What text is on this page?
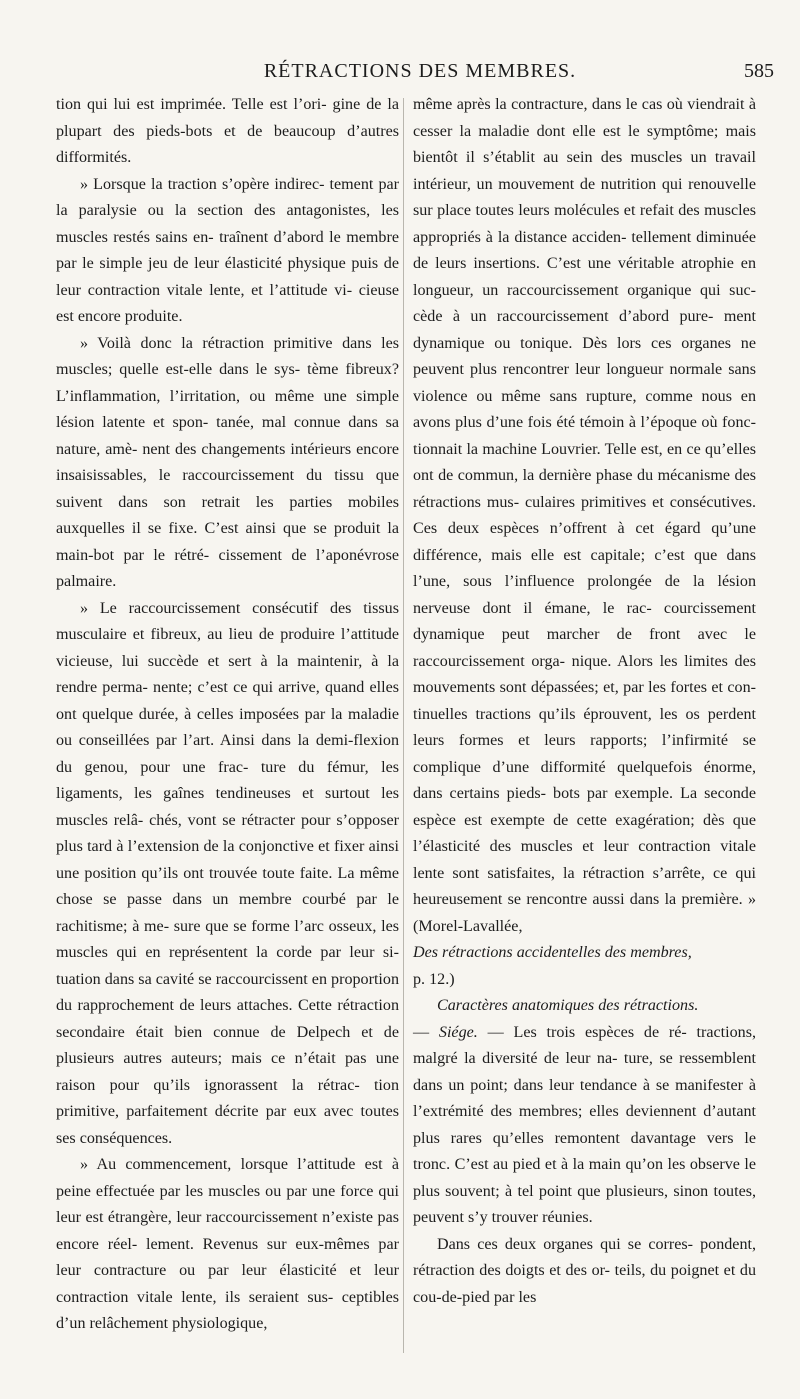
RÉTRACTIONS DES MEMBRES.	585

tion qui lui est imprimée. Telle est l’ori- gine de la plupart des pieds-bots et de beaucoup d’autres difformités.

» Lorsque la traction s’opère indirec- tement par la paralysie ou la section des antagonistes, les muscles restés sains en- traînent d’abord le membre par le simple jeu de leur élasticité physique puis de leur contraction vitale lente, et l’attitude vi- cieuse est encore produite.

» Voilà donc la rétraction primitive dans les muscles; quelle est-elle dans le sys- tème fibreux? L’inflammation, l’irritation, ou même une simple lésion latente et spon- tanée, mal connue dans sa nature, amè- nent des changements intérieurs encore insaisissables, le raccourcissement du tissu que suivent dans son retrait les parties mobiles auxquelles il se fixe. C’est ainsi que se produit la main-bot par le rétré- cissement de l’aponévrose palmaire.

» Le raccourcissement consécutif des tissus musculaire et fibreux, au lieu de produire l’attitude vicieuse, lui succède et sert à la maintenir, à la rendre perma- nente; c’est ce qui arrive, quand elles ont quelque durée, à celles imposées par la maladie ou conseillées par l’art. Ainsi dans la demi-flexion du genou, pour une frac- ture du fémur, les ligaments, les gaînes tendineuses et surtout les muscles relâ- chés, vont se rétracter pour s’opposer plus tard à l’extension de la conjonctive et fixer ainsi une position qu’ils ont trouvée toute faite. La même chose se passe dans un membre courbé par le rachitisme; à me- sure que se forme l’arc osseux, les muscles qui en représentent la corde par leur si- tuation dans sa cavité se raccourcissent en proportion du rapprochement de leurs attaches. Cette rétraction secondaire était bien connue de Delpech et de plusieurs autres auteurs; mais ce n’était pas une raison pour qu’ils ignorassent la rétrac- tion primitive, parfaitement décrite par eux avec toutes ses conséquences.

» Au commencement, lorsque l’attitude est à peine effectuée par les muscles ou par une force qui leur est étrangère, leur raccourcissement n’existe pas encore réel- lement. Revenus sur eux-mêmes par leur contracture ou par leur élasticité et leur contraction vitale lente, ils seraient sus- ceptibles d’un relâchement physiologique,

même après la contracture, dans le cas où viendrait à cesser la maladie dont elle est le symptôme; mais bientôt il s’établit au sein des muscles un travail intérieur, un mouvement de nutrition qui renouvelle sur place toutes leurs molécules et refait des muscles appropriés à la distance acciden- tellement diminuée de leurs insertions. C’est une véritable atrophie en longueur, un raccourcissement organique qui suc- cède à un raccourcissement d’abord pure- ment dynamique ou tonique. Dès lors ces organes ne peuvent plus rencontrer leur longueur normale sans violence ou même sans rupture, comme nous en avons plus d’une fois été témoin à l’époque où fonc- tionnait la machine Louvrier. Telle est, en ce qu’elles ont de commun, la dernière phase du mécanisme des rétractions mus- culaires primitives et consécutives. Ces deux espèces n’offrent à cet égard qu’une différence, mais elle est capitale; c’est que dans l’une, sous l’influence prolongée de la lésion nerveuse dont il émane, le rac- courcissement dynamique peut marcher de front avec le raccourcissement orga- nique. Alors les limites des mouvements sont dépassées; et, par les fortes et con- tinuelles tractions qu’ils éprouvent, les os perdent leurs formes et leurs rapports; l’infirmité se complique d’une difformité quelquefois énorme, dans certains pieds- bots par exemple. La seconde espèce est exempte de cette exagération; dès que l’élasticité des muscles et leur contraction vitale lente sont satisfaites, la rétraction s’arrête, ce qui heureusement se rencontre aussi dans la première. » (Morel-Lavallée,

Des rétractions accidentelles des membres,

p. 12.)

Caractères anatomiques des rétractions.

— Siége. — Les trois espèces de ré- tractions, malgré la diversité de leur na- ture, se ressemblent dans un point; dans leur tendance à se manifester à l’extrémité des membres; elles deviennent d’autant plus rares qu’elles remontent davantage vers le tronc. C’est au pied et à la main qu’on les observe le plus souvent; à tel point que plusieurs, sinon toutes, peuvent s’y trouver réunies.

Dans ces deux organes qui se corres- pondent, rétraction des doigts et des or- teils, du poignet et du cou-de-pied par les
